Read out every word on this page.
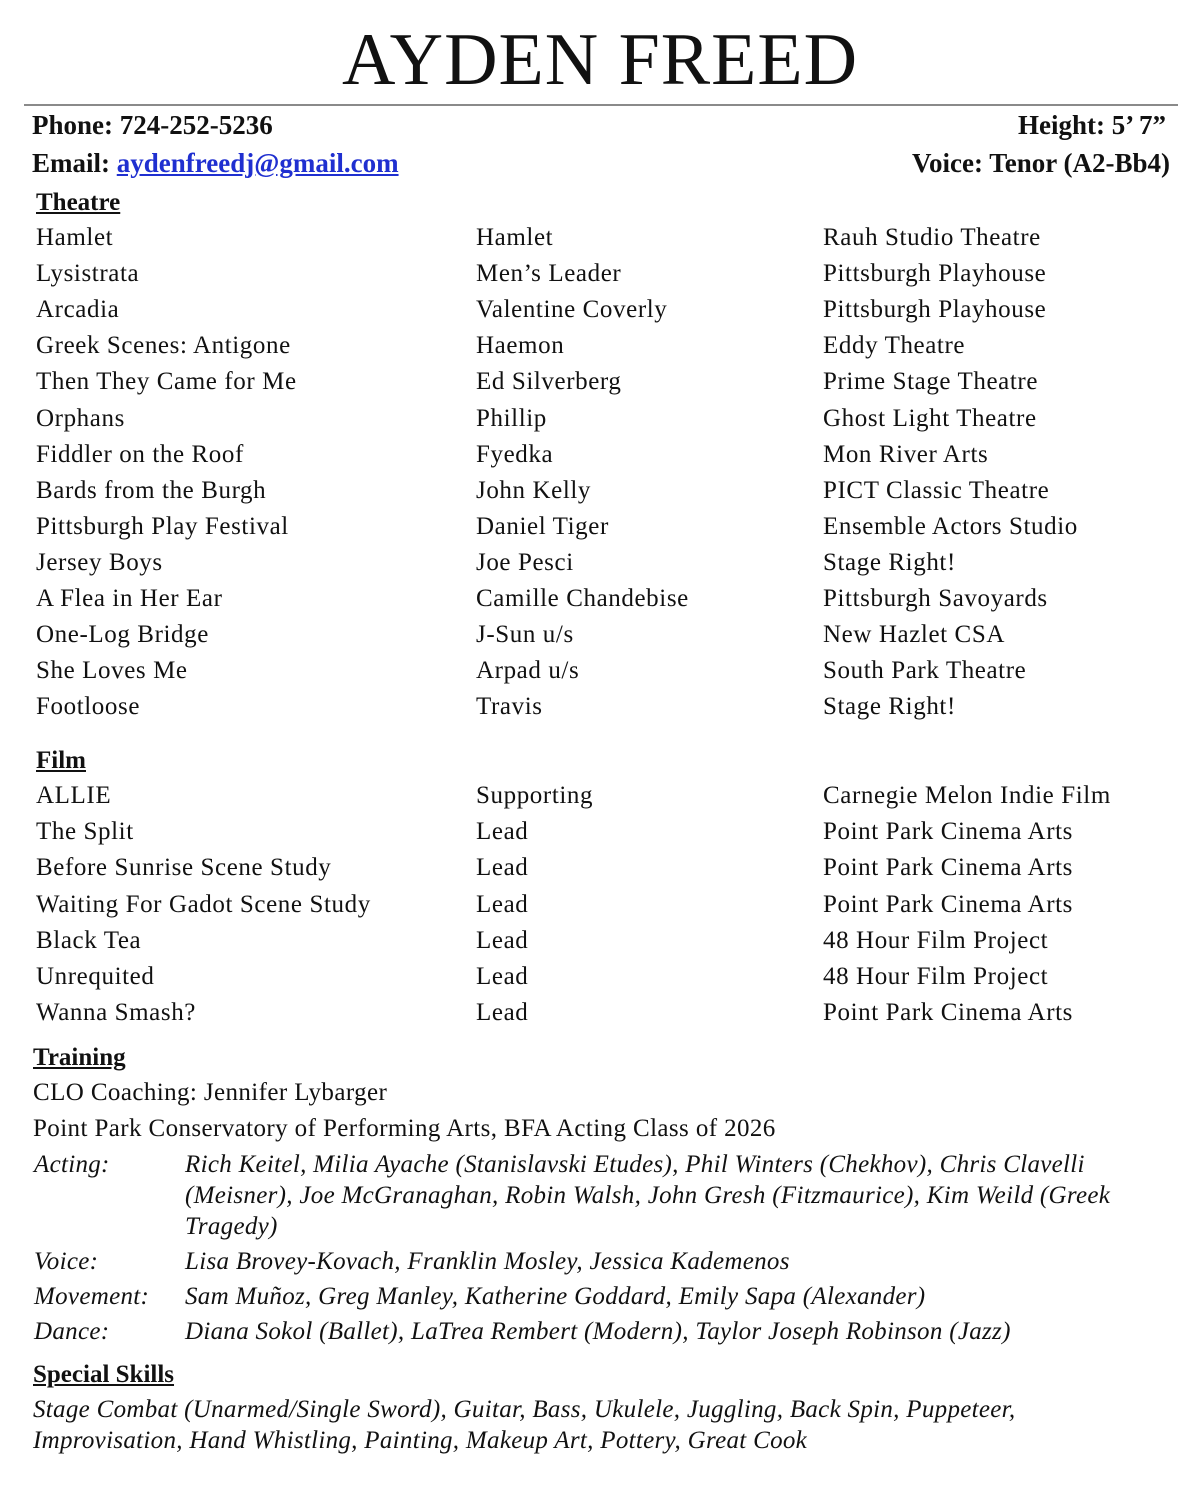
AYDEN FREED
Phone: 724-252-5236	Height: 5’ 7”
Email: aydenfreedj@gmail.com	Voice: Tenor (A2-Bb4)
Theatre
Hamlet	Hamlet	Rauh Studio Theatre
Lysistrata	Men’s Leader	Pittsburgh Playhouse
Arcadia	Valentine Coverly	Pittsburgh Playhouse
Greek Scenes: Antigone	Haemon	Eddy Theatre
Then They Came for Me	Ed Silverberg	Prime Stage Theatre
Orphans	Phillip	Ghost Light Theatre
Fiddler on the Roof	Fyedka	Mon River Arts
Bards from the Burgh	John Kelly	PICT Classic Theatre
Pittsburgh Play Festival	Daniel Tiger	Ensemble Actors Studio
Jersey Boys	Joe Pesci	Stage Right!
A Flea in Her Ear	Camille Chandebise	Pittsburgh Savoyards
One-Log Bridge	J-Sun u/s	New Hazlet CSA
She Loves Me	Arpad u/s	South Park Theatre
Footloose	Travis	Stage Right!
Film
ALLIE	Supporting	Carnegie Melon Indie Film
The Split	Lead	Point Park Cinema Arts
Before Sunrise Scene Study	Lead	Point Park Cinema Arts
Waiting For Gadot Scene Study	Lead	Point Park Cinema Arts
Black Tea	Lead	48 Hour Film Project
Unrequited	Lead	48 Hour Film Project
Wanna Smash?	Lead	Point Park Cinema Arts
Training
CLO Coaching: Jennifer Lybarger
Point Park Conservatory of Performing Arts, BFA Acting Class of 2026
Acting:	Rich Keitel, Milia Ayache (Stanislavski Etudes), Phil Winters (Chekhov), Chris Clavelli (Meisner), Joe McGranaghan, Robin Walsh, John Gresh (Fitzmaurice), Kim Weild (Greek Tragedy)
Voice:	Lisa Brovey-Kovach, Franklin Mosley, Jessica Kademenos
Movement: Sam Muñoz, Greg Manley, Katherine Goddard, Emily Sapa (Alexander)
Dance:	Diana Sokol (Ballet), LaTrea Rembert (Modern), Taylor Joseph Robinson (Jazz)
Special Skills
Stage Combat (Unarmed/Single Sword), Guitar, Bass, Ukulele, Juggling, Back Spin, Puppeteer, Improvisation, Hand Whistling, Painting, Makeup Art, Pottery, Great Cook
